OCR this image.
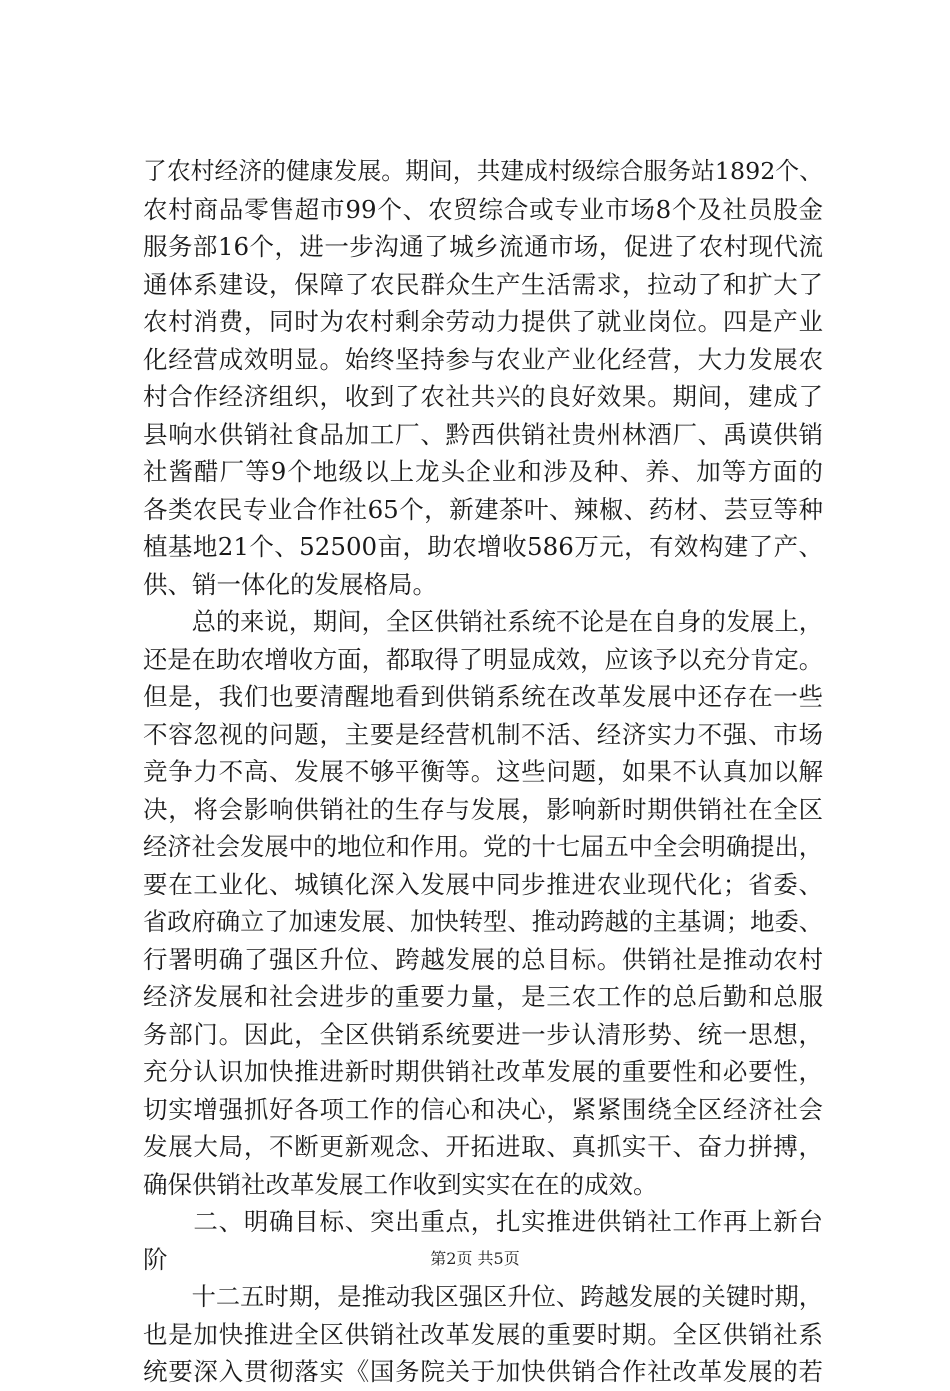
了农村经济的健康发展。期间，共建成村级综合服务站1892个、
农村商品零售超市99个、农贸综合或专业市场8个及社员股金
服务部16个，进一步沟通了城乡流通市场，促进了农村现代流
通体系建设，保障了农民群众生产生活需求，拉动了和扩大了
农村消费，同时为农村剩余劳动力提供了就业岗位。四是产业
化经营成效明显。始终坚持参与农业产业化经营，大力发展农
村合作经济组织，收到了农社共兴的良好效果。期间，建成了
县响水供销社食品加工厂、黔西供销社贵州林酒厂、禹谟供销
社酱醋厂等9个地级以上龙头企业和涉及种、养、加等方面的
各类农民专业合作社65个，新建茶叶、辣椒、药材、芸豆等种
植基地21个、52500亩，助农增收586万元，有效构建了产、
供、销一体化的发展格局。
　　总的来说，期间，全区供销社系统不论是在自身的发展上，
还是在助农增收方面，都取得了明显成效，应该予以充分肯定。
但是，我们也要清醒地看到供销系统在改革发展中还存在一些
不容忽视的问题，主要是经营机制不活、经济实力不强、市场
竞争力不高、发展不够平衡等。这些问题，如果不认真加以解
决，将会影响供销社的生存与发展，影响新时期供销社在全区
经济社会发展中的地位和作用。党的十七届五中全会明确提出，
要在工业化、城镇化深入发展中同步推进农业现代化；省委、
省政府确立了加速发展、加快转型、推动跨越的主基调；地委、
行署明确了强区升位、跨越发展的总目标。供销社是推动农村
经济发展和社会进步的重要力量，是三农工作的总后勤和总服
务部门。因此，全区供销系统要进一步认清形势、统一思想，
充分认识加快推进新时期供销社改革发展的重要性和必要性，
切实增强抓好各项工作的信心和决心，紧紧围绕全区经济社会
发展大局，不断更新观念、开拓进取、真抓实干、奋力拼搏，
确保供销社改革发展工作收到实实在在的成效。
　　二、明确目标、突出重点，扎实推进供销社工作再上新台
阶
　　十二五时期，是推动我区强区升位、跨越发展的关键时期，
也是加快推进全区供销社改革发展的重要时期。全区供销社系
统要深入贯彻落实《国务院关于加快供销合作社改革发展的若
第2页 共5页
